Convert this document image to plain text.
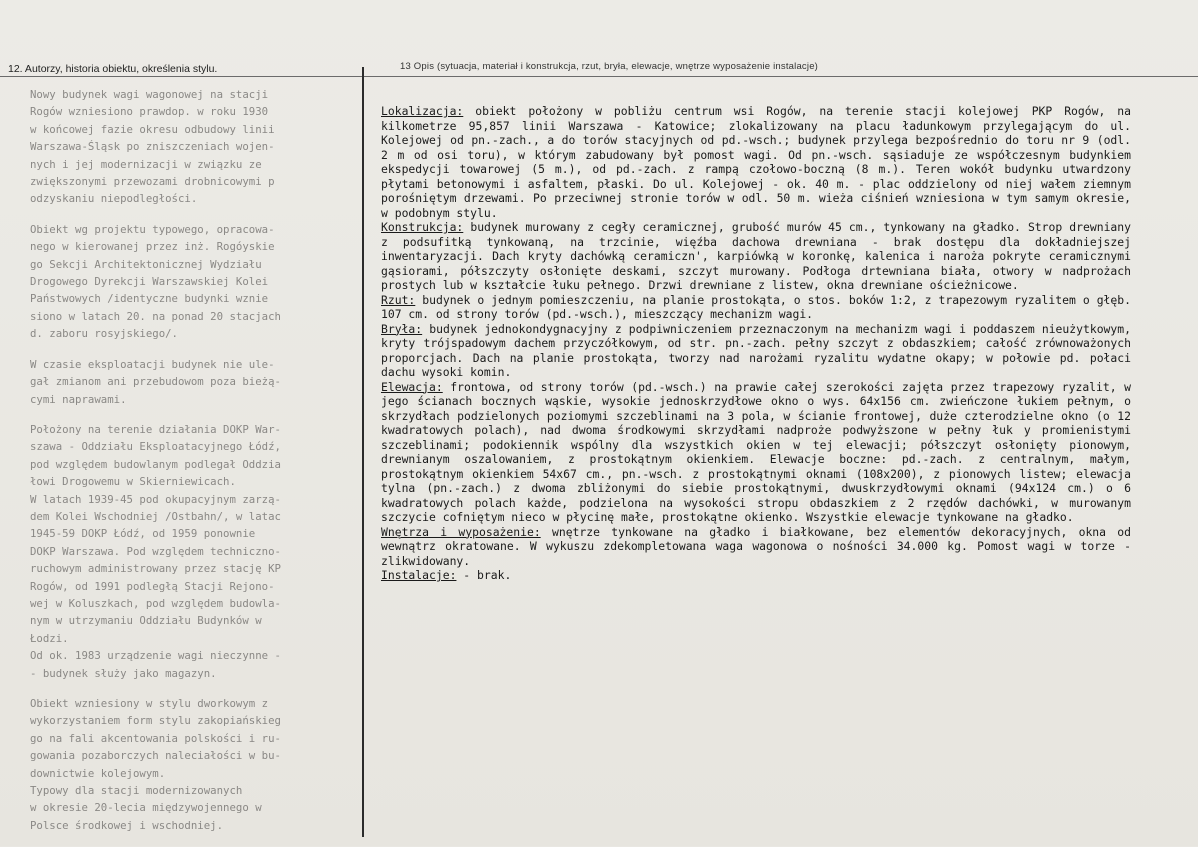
12. Autorzy, historia obiektu, określenia stylu.	13 Opis (sytuacja, materiał i konstrukcja, rzut, bryła, elewacje, wnętrze wyposażenie instalacje)

Nowy budynek wagi wagonowej na stacji
Rogów wzniesiono prawdop. w roku 1930
w końcowej fazie okresu odbudowy linii
Warszawa-Śląsk po zniszczeniach wojen-
nych i jej modernizacji w związku ze
zwiększonymi przewozami drobnicowymi p
odzyskaniu niepodległości.

Obiekt wg projektu typowego, opracowa-
nego w kierowanej przez inż. Rogóyskie
go Sekcji Architektonicznej Wydziału
Drogowego Dyrekcji Warszawskiej Kolei
Państwowych /identyczne budynki wznie
siono w latach 20. na ponad 20 stacjach
d. zaboru rosyjskiego/.

W czasie eksploatacji budynek nie ule-
gał zmianom ani przebudowom poza bieżą-
cymi naprawami.

Położony na terenie działania DOKP War-
szawa - Oddziału Eksploatacyjnego Łódź,
pod względem budowlanym podlegał Oddzia
łowi Drogowemu w Skierniewicach.
W latach 1939-45 pod okupacyjnym zarzą-
dem Kolei Wschodniej /Ostbahn/, w latac
1945-59 DOKP Łódź, od 1959 ponownie
DOKP Warszawa. Pod względem techniczno-
ruchowym administrowany przez stację KP
Rogów, od 1991 podległą Stacji Rejono-
wej w Koluszkach, pod względem budowla-
nym w utrzymaniu Oddziału Budynków w
Łodzi.
Od ok. 1983 urządzenie wagi nieczynne -
- budynek służy jako magazyn.

Obiekt wzniesiony w stylu dworkowym z
wykorzystaniem form stylu zakopiańskieg
go na fali akcentowania polskości i ru-
gowania pozaborczych naleciałości w bu-
downictwie kolejowym.
Typowy dla stacji modernizowanych
w okresie 20-lecia międzywojennego w
Polsce środkowej i wschodniej.

Lokalizacja: obiekt położony w pobliżu centrum wsi Rogów, na terenie stacji kolejowej PKP Rogów, na kilkometrze 95,857 linii Warszawa - Katowice; zlokalizowany na placu ładunkowym przylegającym do ul. Kolejowej od pn.-zach., a do torów stacyjnych od pd.-wsch.; budynek przylega bezpośrednio do toru nr 9 (odl. 2 m od osi toru), w którym zabudowany był pomost wagi. Od pn.-wsch. sąsiaduje ze współczesnym budynkiem ekspedycji towarowej (5 m.), od pd.-zach. z rampą czołowo-boczną (8 m.). Teren wokół budynku utwardzony płytami betonowymi i asfaltem, płaski. Do ul. Kolejowej - ok. 40 m. - plac oddzielony od niej wałem ziemnym porośniętym drzewami. Po przeciwnej stronie torów w odl. 50 m. wieża ciśnień wzniesiona w tym samym okresie, w podobnym stylu.

Konstrukcja: budynek murowany z cegły ceramicznej, grubość murów 45 cm., tynkowany na gładko. Strop drewniany z podsufitką tynkowaną, na trzcinie, więźba dachowa drewniana - brak dostępu dla dokładniejszej inwentaryzacji. Dach kryty dachówką ceramiczn', karpiówką w koronkę, kalenica i naroża pokryte ceramicznymi gąsiorami, półszczyty osłonięte deskami, szczyt murowany. Podłoga drtewniana biała, otwory w nadprożach prostych lub w kształcie łuku pełnego. Drzwi drewniane z listew, okna drewniane ościeżnicowe.

Rzut: budynek o jednym pomieszczeniu, na planie prostokąta, o stos. boków 1:2, z trapezowym ryzalitem o głęb. 107 cm. od strony torów (pd.-wsch.), mieszczący mechanizm wagi.

Bryła: budynek jednokondygnacyjny z podpiwniczeniem przeznaczonym na mechanizm wagi i poddaszem nieużytkowym, kryty trójspadowym dachem przyczółkowym, od str. pn.-zach. pełny szczyt z obdaszkiem; całość zrównoważonych proporcjach. Dach na planie prostokąta, tworzy nad narożami ryzalitu wydatne okapy; w połowie pd. połaci dachu wysoki komin.

Elewacja: frontowa, od strony torów (pd.-wsch.) na prawie całej szerokości zajęta przez trapezowy ryzalit, w jego ścianach bocznych wąskie, wysokie jednoskrzydłowe okno o wys. 64x156 cm. zwieńczone łukiem pełnym, o skrzydłach podzielonych poziomymi szczeblinami na 3 pola, w ścianie frontowej, duże czterodzielne okno (o 12 kwadratowych polach), nad dwoma środkowymi skrzydłami nadproże podwyższone w pełny łuk y promienistymi szczeblinami; podokiennik wspólny dla wszystkich okien w tej elewacji; półszczyt osłonięty pionowym, drewnianym oszalowaniem, z prostokątnym okienkiem. Elewacje boczne: pd.-zach. z centralnym, małym, prostokątnym okienkiem 54x67 cm., pn.-wsch. z prostokątnymi oknami (108x200), z pionowych listew; elewacja tylna (pn.-zach.) z dwoma zbliżonymi do siebie prostokątnymi, dwuskrzydłowymi oknami (94x124 cm.) o 6 kwadratowych polach każde, podzielona na wysokości stropu obdaszkiem z 2 rzędów dachówki, w murowanym szczycie cofniętym nieco w płycinę małe, prostokątne okienko. Wszystkie elewacje tynkowane na gładko.

Wnętrza i wyposażenie: wnętrze tynkowane na gładko i białkowane, bez elementów dekoracyjnych, okna od wewnątrz okratowane. W wykuszu zdekompletowana waga wagonowa o nośności 34.000 kg. Pomost wagi w torze - zlikwidowany.

Instalacje: - brak.
